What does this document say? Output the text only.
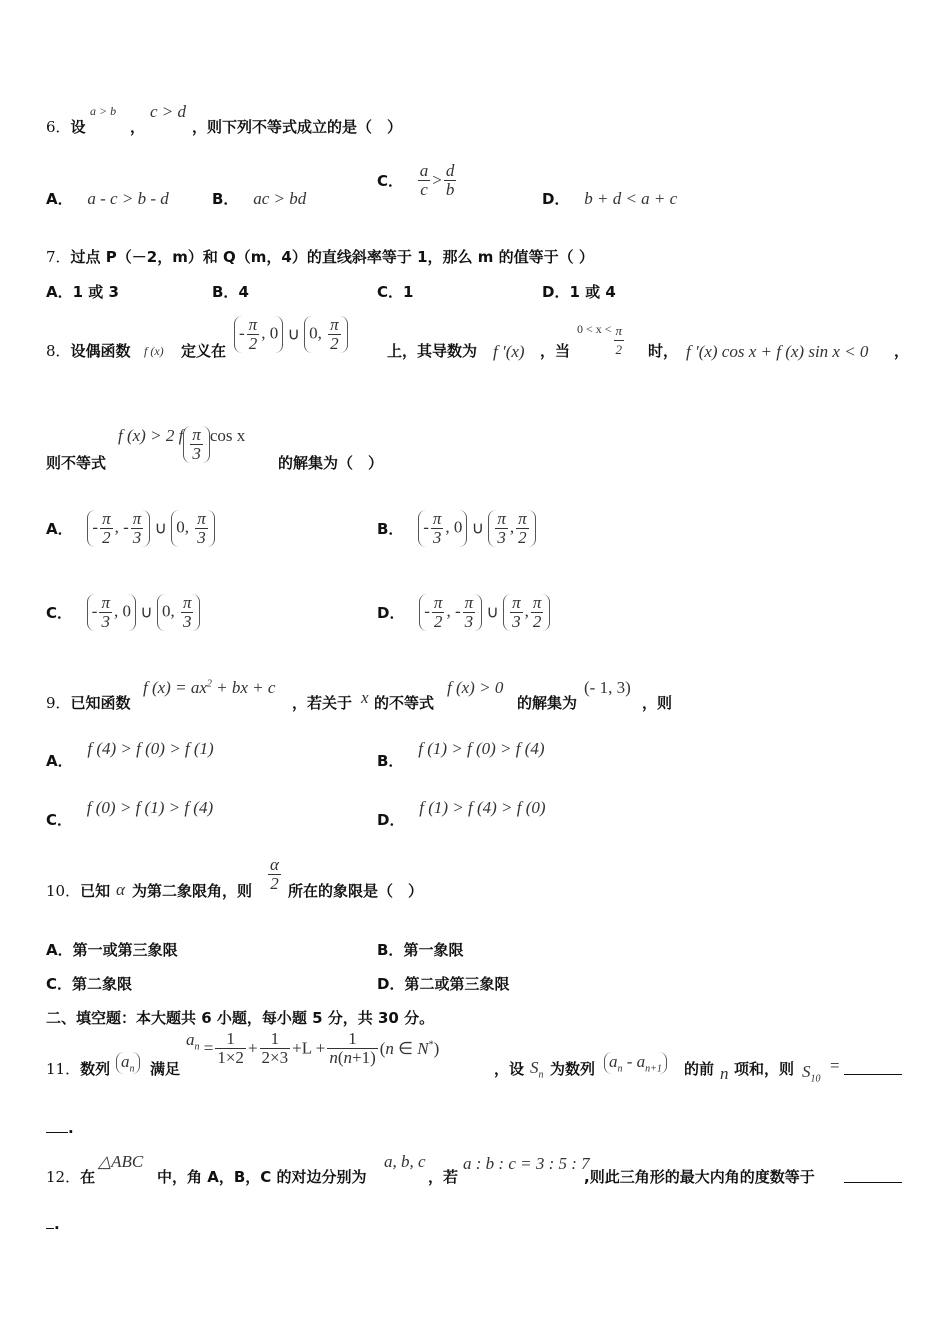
6．设
a > b
，
c > d
，则下列不等式成立的是（　）
A． a - c > b - d	B． ac > bd
C． $\frac{a}{c} > \frac{d}{b}$	D． b + d < a + c
7．过点 P（－2，m）和 Q（m，4）的直线斜率等于 1，那么 m 的值等于（ ）
A．1 或 3	B．4	C．1	D．1 或 4
8．设偶函数 f (x) 定义在
- $\frac{\pi}{2}$ , 0 ∪ 0, $\frac{\pi}{2}$	上，其导数为 f ′(x) ，当
$^{0 < x <} \frac{\pi}{2}$ 时， f ′(x) cos x + f (x) sin x < 0 ，
则不等式
f (x) > 2 f $\frac{\pi}{3}$ cos x
的解集为（　）
A． - $\frac{\pi}{2}$ , - $\frac{\pi}{3}$ ∪ 0, $\frac{\pi}{3}$	B． - $\frac{\pi}{3}$ , 0 ∪ $\frac{\pi}{3}$ , $\frac{\pi}{2}$
C． - $\frac{\pi}{3}$ , 0 ∪ 0, $\frac{\pi}{3}$	D． - $\frac{\pi}{2}$ , - $\frac{\pi}{3}$ ∪ $\frac{\pi}{3}$ , $\frac{\pi}{2}$
9．已知函数
f $(x) = ax^2$ + bx + c
，若关于 x 的不等式
f (x) > 0
的解集为
(- 1, 3)
，则
A． f (4) > f (0) > f (1)
B． f (1) > f (0) > f (4)
C． f (0) > f (1) > f (4)
D． f (1) > f (4) > f (0)
10．已知 α 为第二象限角，则 $\frac{\alpha}{2}$ 所在的象限是（　）
A．第一或第三象限	B．第一象限
C．第二象限	D．第二或第三象限
二、填空题：本大题共 6 小题，每小题 5 分，共 30 分。
11．数列 $a_n$	满足
$a_n = \frac{1}{1\times 2} + \frac{1}{2\times 3} +L + \frac{1}{n(n+1)} (n$ ∈ N*)
，设 $S_n$ 为数列 $a_n - a_{n+1}$	的前 n 项和，则 $S_{10}$
=
.
12．在
△ABC
中，角 A，B，C 的对边分别为
a, b, c
，若
a : b : c = 3 : 5 : 7
,则此三角形的最大内角的度数等于
.
